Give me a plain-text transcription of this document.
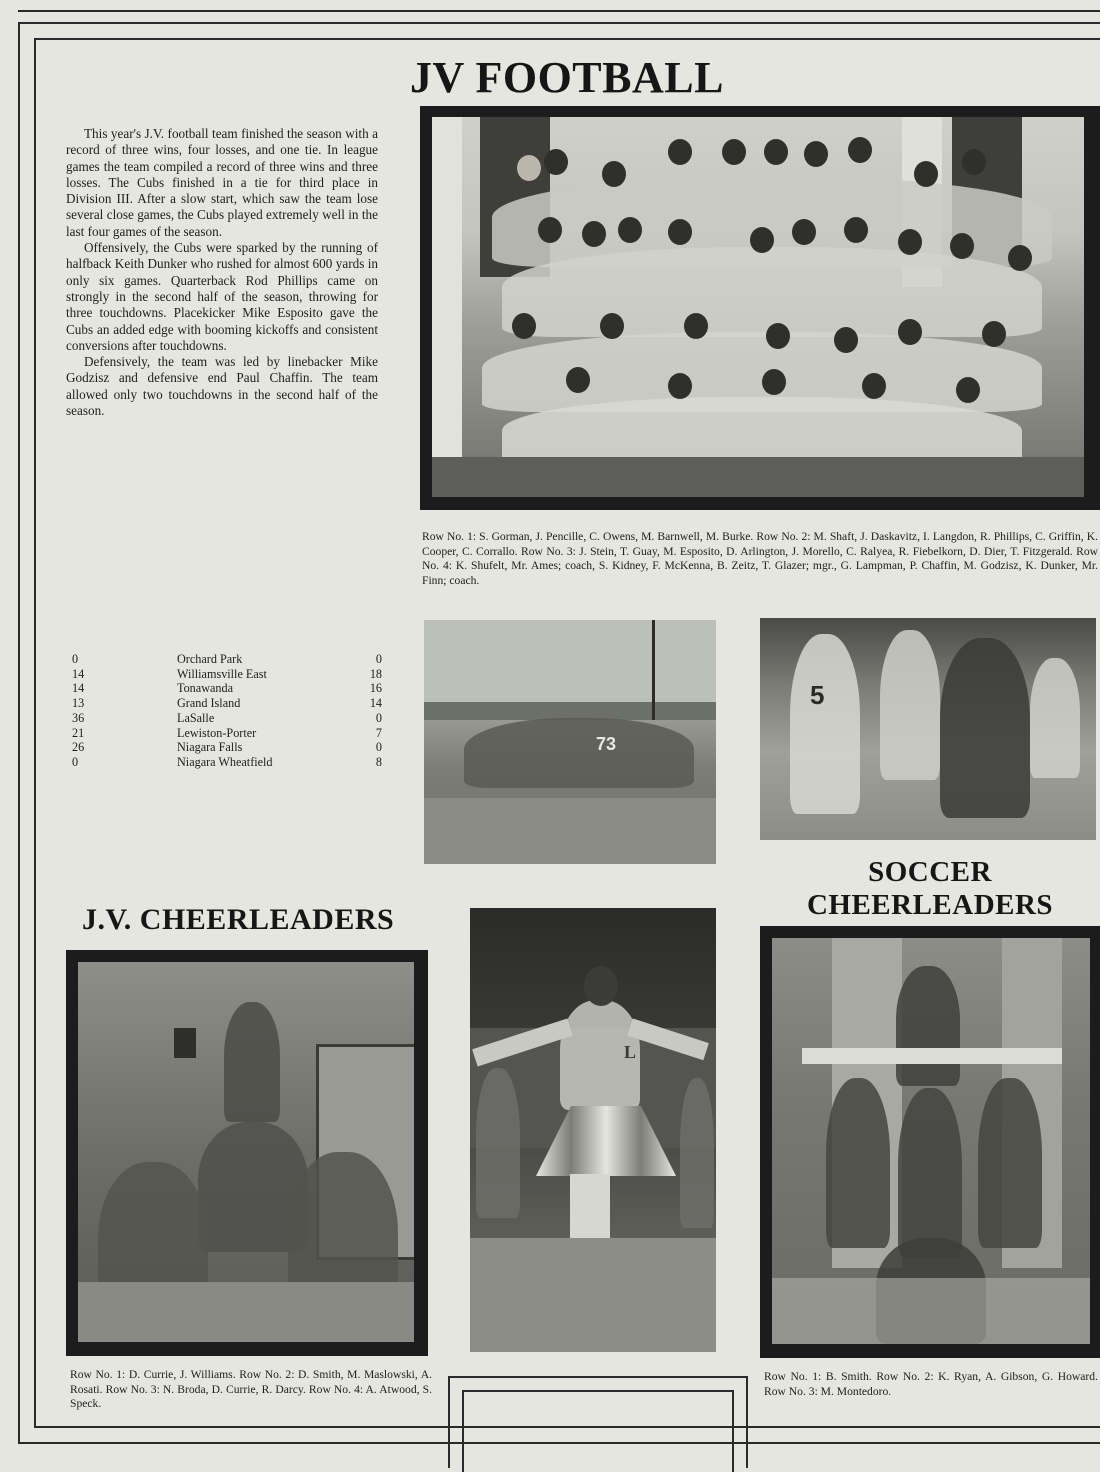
JV FOOTBALL

This year's J.V. football team finished the season with a record of three wins, four losses, and one tie. In league games the team compiled a record of three wins and three losses. The Cubs finished in a tie for third place in Division III. After a slow start, which saw the team lose several close games, the Cubs played extremely well in the last four games of the season.

Offensively, the Cubs were sparked by the running of halfback Keith Dunker who rushed for almost 600 yards in only six games. Quarterback Rod Phillips came on strongly in the second half of the season, throwing for three touchdowns. Placekicker Mike Esposito gave the Cubs an added edge with booming kickoffs and consistent conversions after touchdowns.

Defensively, the team was led by linebacker Mike Godzisz and defensive end Paul Chaffin. The team allowed only two touchdowns in the second half of the season.

Row No. 1: S. Gorman, J. Pencille, C. Owens, M. Barnwell, M. Burke. Row No. 2: M. Shaft, J. Daskavitz, I. Langdon, R. Phillips, C. Griffin, K. Cooper, C. Corrallo. Row No. 3: J. Stein, T. Guay, M. Esposito, D. Arlington, J. Morello, C. Ralyea, R. Fiebelkorn, D. Dier, T. Fitzgerald. Row No. 4: K. Shufelt, Mr. Ames; coach, S. Kidney, F. McKenna, B. Zeitz, T. Glazer; mgr., G. Lampman, P. Chaffin, M. Godzisz, K. Dunker, Mr. Finn; coach.
0	Orchard Park	0
14	Williamsville East	18
14	Tonawanda	16
13	Grand Island	14
36	LaSalle	0
21	Lewiston-Porter	7
26	Niagara Falls	0
0	Niagara Wheatfield	8
73
5
J.V. CHEERLEADERS
Row No. 1: D. Currie, J. Williams. Row No. 2: D. Smith, M. Maslowski, A. Rosati. Row No. 3: N. Broda, D. Currie, R. Darcy. Row No. 4: A. Atwood, S. Speck.
L
SOCCER
CHEERLEADERS
Row No. 1: B. Smith. Row No. 2: K. Ryan, A. Gibson, G. Howard. Row No. 3: M. Montedoro.
